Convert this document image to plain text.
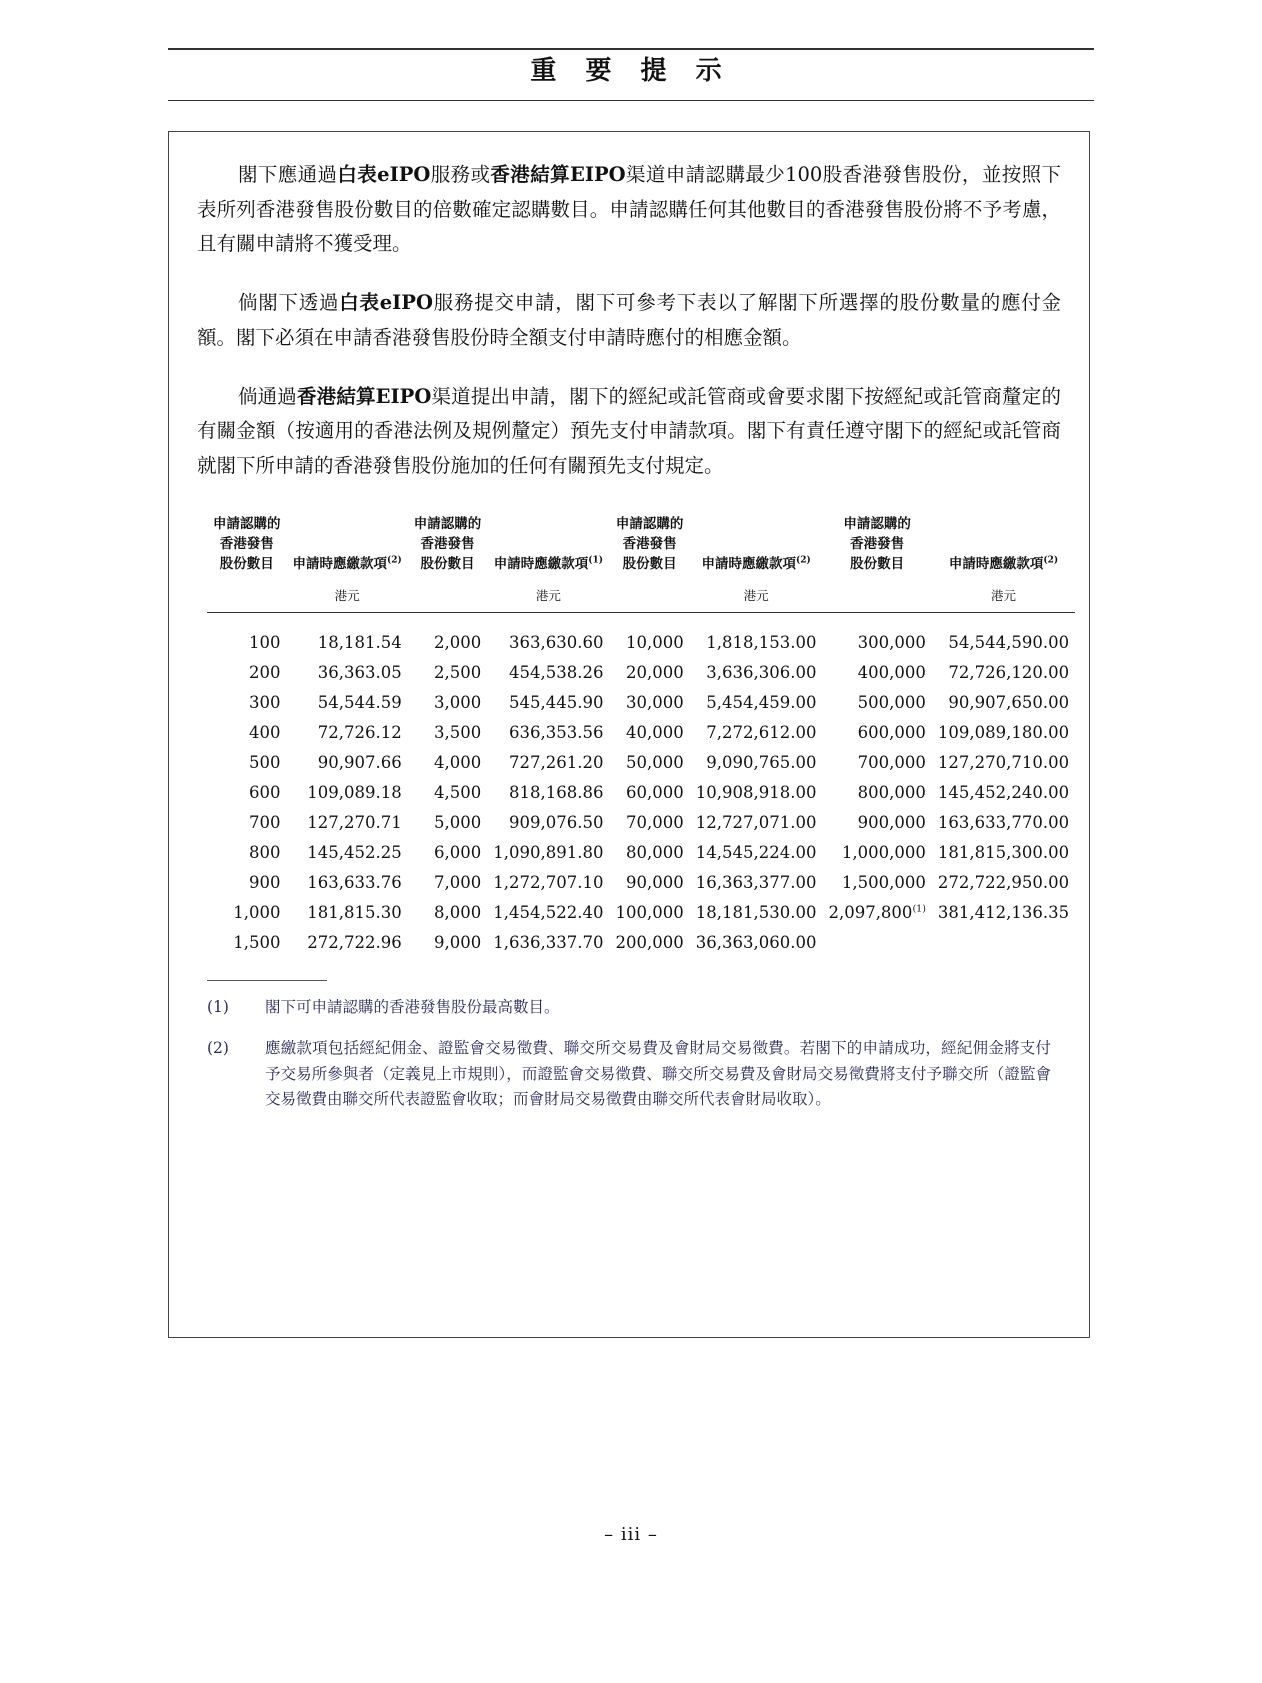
重 要 提 示

閣下應通過白表eIPO服務或香港結算EIPO渠道申請認購最少100股香港發售股份，並按照下表所列香港發售股份數目的倍數確定認購數目。申請認購任何其他數目的香港發售股份將不予考慮，且有關申請將不獲受理。

倘閣下透過白表eIPO服務提交申請，閣下可參考下表以了解閣下所選擇的股份數量的應付金額。閣下必須在申請香港發售股份時全額支付申請時應付的相應金額。

倘通過香港結算EIPO渠道提出申請，閣下的經紀或託管商或會要求閣下按經紀或託管商釐定的有關金額（按適用的香港法例及規例釐定）預先支付申請款項。閣下有責任遵守閣下的經紀或託管商就閣下所申請的香港發售股份施加的任何有關預先支付規定。

申請認購的
香港發售
股份數目	申請時應繳款項$^{(2)}$	申請認購的
香港發售
股份數目	申請時應繳款項$^{(1)}$	申請認購的
香港發售
股份數目	申請時應繳款項$^{(2)}$	申請認購的
香港發售
股份數目	申請時應繳款項$^{(2)}$
	港元		港元		港元		港元
100	18,181.54	2,000	363,630.60	10,000	1,818,153.00	300,000	54,544,590.00
200	36,363.05	2,500	454,538.26	20,000	3,636,306.00	400,000	72,726,120.00
300	54,544.59	3,000	545,445.90	30,000	5,454,459.00	500,000	90,907,650.00
400	72,726.12	3,500	636,353.56	40,000	7,272,612.00	600,000	109,089,180.00
500	90,907.66	4,000	727,261.20	50,000	9,090,765.00	700,000	127,270,710.00
600	109,089.18	4,500	818,168.86	60,000	10,908,918.00	800,000	145,452,240.00
700	127,270.71	5,000	909,076.50	70,000	12,727,071.00	900,000	163,633,770.00
800	145,452.25	6,000	1,090,891.80	80,000	14,545,224.00	1,000,000	181,815,300.00
900	163,633.76	7,000	1,272,707.10	90,000	16,363,377.00	1,500,000	272,722,950.00
1,000	181,815.30	8,000	1,454,522.40	100,000	18,181,530.00	2,097,800$^{(1)}$	381,412,136.35
1,500	272,722.96	9,000	1,636,337.70	200,000	36,363,060.00		
(1)	閣下可申請認購的香港發售股份最高數目。
(2)	應繳款項包括經紀佣金、證監會交易徵費、聯交所交易費及會財局交易徵費。若閣下的申請成功，經紀佣金將支付予交易所參與者（定義見上市規則），而證監會交易徵費、聯交所交易費及會財局交易徵費將支付予聯交所（證監會交易徵費由聯交所代表證監會收取；而會財局交易徵費由聯交所代表會財局收取）。
– iii –
